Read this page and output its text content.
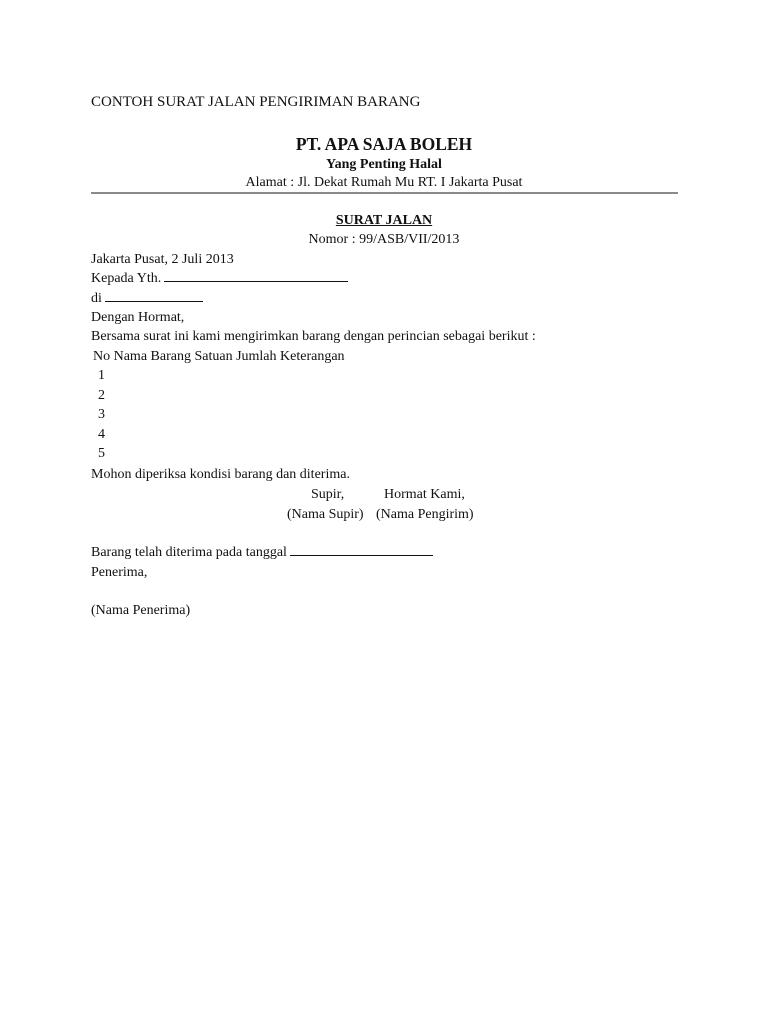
CONTOH SURAT JALAN PENGIRIMAN BARANG
PT. APA SAJA BOLEH
Yang Penting Halal
Alamat : Jl. Dekat Rumah Mu RT. I Jakarta Pusat
SURAT JALAN
Nomor : 99/ASB/VII/2013
Jakarta Pusat, 2 Juli 2013
Kepada Yth.
di
Dengan Hormat,
Bersama surat ini kami mengirimkan barang dengan perincian sebagai berikut :
No Nama Barang Satuan Jumlah Keterangan
1
2
3
4
5
Mohon diperiksa kondisi barang dan diterima.
Supir,	Hormat Kami,
(Nama Supir) (Nama Pengirim)
Barang telah diterima pada tanggal
Penerima,
(Nama Penerima)
